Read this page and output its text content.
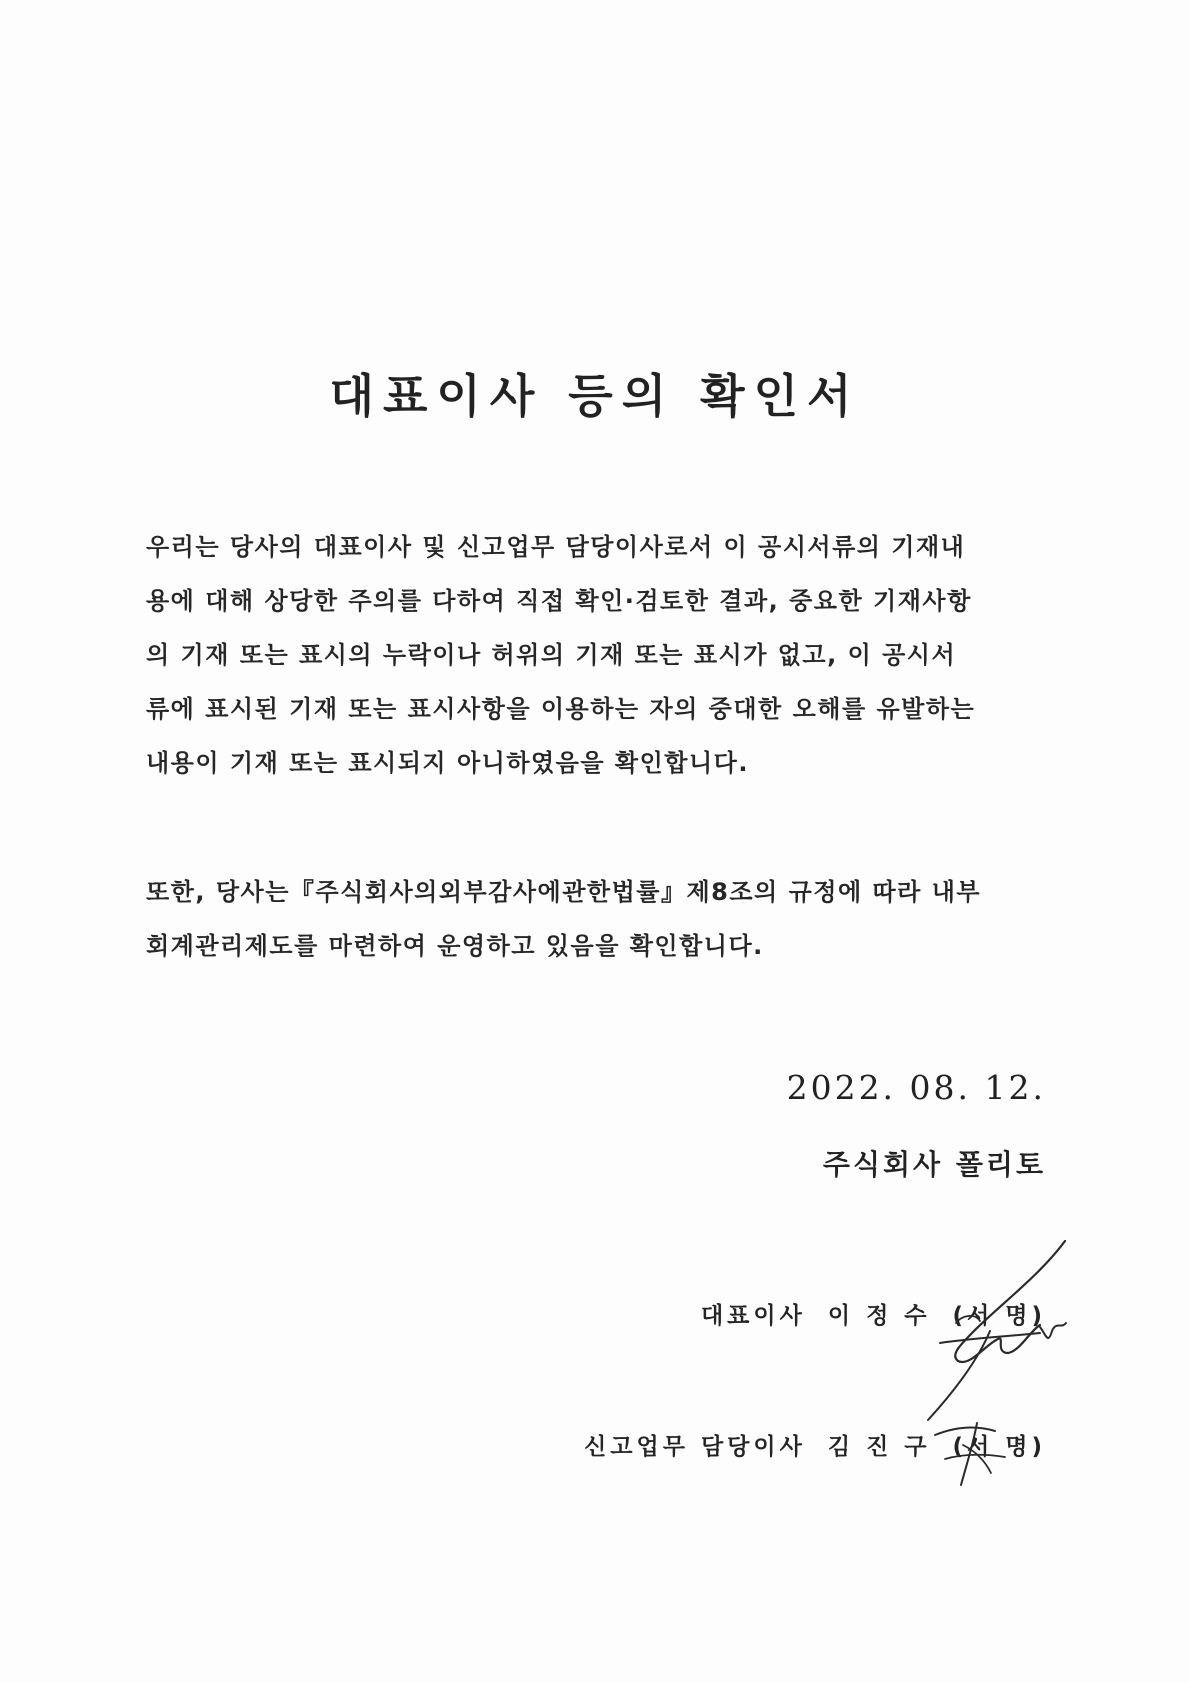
대표이사 등의 확인서
우리는 당사의 대표이사 및 신고업무 담당이사로서 이 공시서류의 기재내
용에 대해 상당한 주의를 다하여 직접 확인·검토한 결과, 중요한 기재사항
의 기재 또는 표시의 누락이나 허위의 기재 또는 표시가 없고, 이 공시서
류에 표시된 기재 또는 표시사항을 이용하는 자의 중대한 오해를 유발하는
내용이 기재 또는 표시되지 아니하였음을 확인합니다.
또한, 당사는『주식회사의외부감사에관한법률』제8조의 규정에 따라 내부
회계관리제도를 마련하여 운영하고 있음을 확인합니다.
2022. 08. 12.
주식회사 폴리토
대표이사 이 정 수 (서 명)
신고업무 담당이사 김 진 구 (서 명)
